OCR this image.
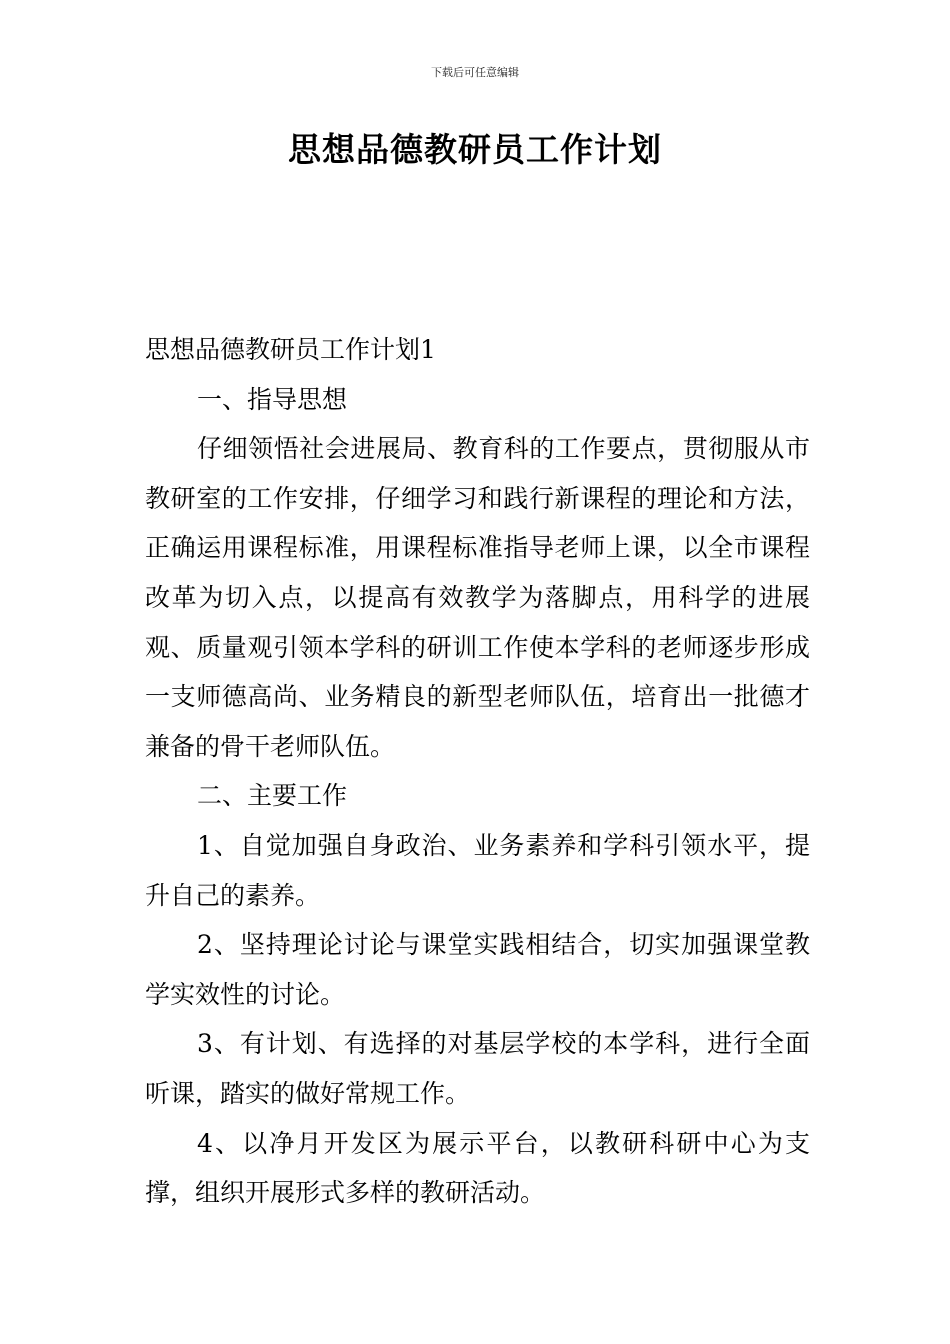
下载后可任意编辑
思想品德教研员工作计划

思想品德教研员工作计划1

一、指导思想

仔细领悟社会进展局、教育科的工作要点，贯彻服从市教研室的工作安排，仔细学习和践行新课程的理论和方法，正确运用课程标准，用课程标准指导老师上课，以全市课程改革为切入点，以提高有效教学为落脚点，用科学的进展观、质量观引领本学科的研训工作使本学科的老师逐步形成一支师德高尚、业务精良的新型老师队伍，培育出一批德才兼备的骨干老师队伍。

二、主要工作

1、自觉加强自身政治、业务素养和学科引领水平，提升自己的素养。

2、坚持理论讨论与课堂实践相结合，切实加强课堂教学实效性的讨论。

3、有计划、有选择的对基层学校的本学科，进行全面听课，踏实的做好常规工作。

4、以净月开发区为展示平台，以教研科研中心为支撑，组织开展形式多样的教研活动。
